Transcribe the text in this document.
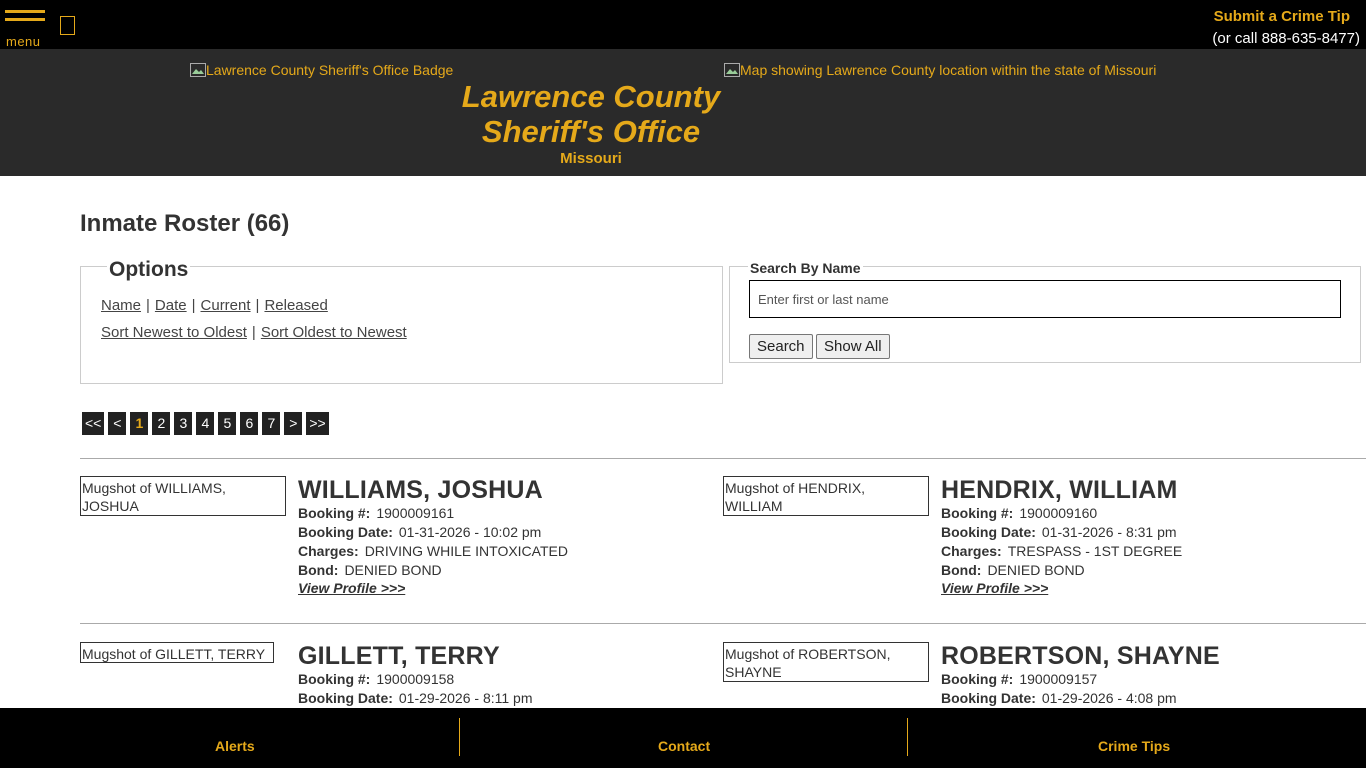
menu
Submit a Crime Tip
(or call 888-635-8477)
Lawrence County Sheriff's Office Badge	Map showing Lawrence County location within the state of Missouri
Lawrence County
Sheriff's Office
Missouri
Inmate Roster (66)
Options
Name | Date | Current | Released
Sort Newest to Oldest | Sort Oldest to Newest
Search By Name
Enter first or last name
Search	Show All
<< <	1	2	3	4	5	6	7	> >>
Mugshot of WILLIAMS,
JOSHUA
WILLIAMS, JOSHUA
Booking #: 1900009161
Booking Date: 01-31-2026 - 10:02 pm
Charges: DRIVING WHILE INTOXICATED
Bond: DENIED BOND
View Profile >>>
Mugshot of HENDRIX,
WILLIAM
HENDRIX, WILLIAM
Booking #: 1900009160
Booking Date: 01-31-2026 - 8:31 pm
Charges: TRESPASS - 1ST DEGREE
Bond: DENIED BOND
View Profile >>>
Mugshot of GILLETT, TERRY	GILLETT, TERRY
Booking #: 1900009158
Booking Date: 01-29-2026 - 8:11 pm
Mugshot of ROBERTSON,
SHAYNE
ROBERTSON, SHAYNE
Booking #: 1900009157
Booking Date: 01-29-2026 - 4:08 pm
Alerts	Contact	Crime Tips
